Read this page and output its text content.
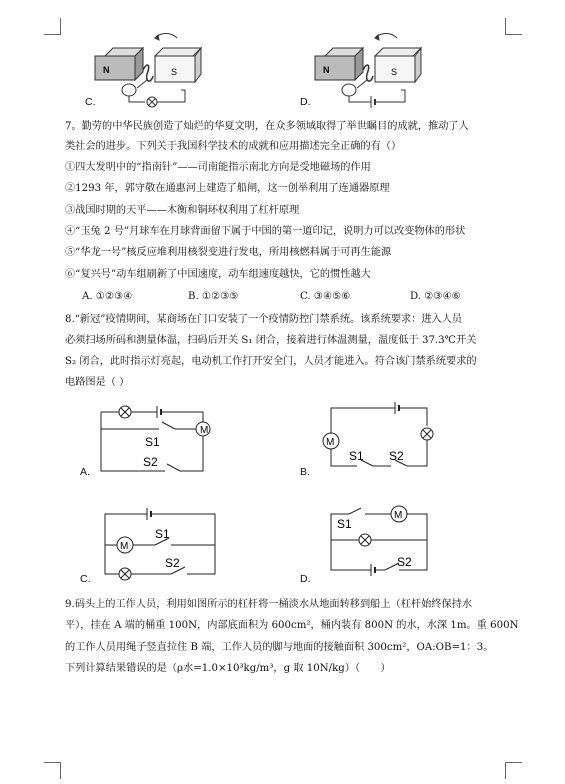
N	S
C.
N	S
D.
7。勤劳的中华民族创造了灿烂的华夏文明，在众多领域取得了举世瞩目的成就，推动了人
类社会的进步。下列关于我国科学技术的成就和应用描述完全正确的有（）
①四大发明中的“指南针”——司南能指示南北方向是受地磁场的作用
②1293 年，郭守敬在通惠河上建造了船闸，这一创举利用了连通器原理
③战国时期的天平——木衡和铜环权利用了杠杆原理
④“玉兔 2 号”月球车在月球背面留下属于中国的第一道印记，说明力可以改变物体的形状
⑤“华龙一号”核反应堆利用核裂变进行发电，所用核燃料属于可再生能源
⑥“复兴号”动车组刷新了中国速度，动车组速度越快，它的惯性越大
A. ①②③④	B. ①②③⑤	C. ③④⑤⑥	D. ②③④⑥
8.“新冠”疫情期间，某商场在门口安装了一个疫情防控门禁系统。该系统要求：进入人员
必须扫场所码和测量体温，扫码后开关 S₁ 闭合，接着进行体温测量，温度低于 37.3℃开关
S₂ 闭合，此时指示灯亮起，电动机工作打开安全门，人员才能进入。符合该门禁系统要求的
电路图是（ ）
M
S1
S2
A.
M
S1 S2
B.
M
S1
S2
C.
M
S1
S2
D.
9.码头上的工作人员，利用如图所示的杠杆将一桶淡水从地面转移到船上（杠杆始终保持水
平），挂在 A 端的桶重 100N，内部底面积为 600cm²，桶内装有 800N 的水，水深 1m。重 600N
的工作人员用绳子竖直拉住 B 端，工作人员的脚与地面的接触面积 300cm²，OA:OB=1：3。
下列计算结果错误的是（ρ水=1.0×10³kg/m³，g 取 10N/kg）（　　）
